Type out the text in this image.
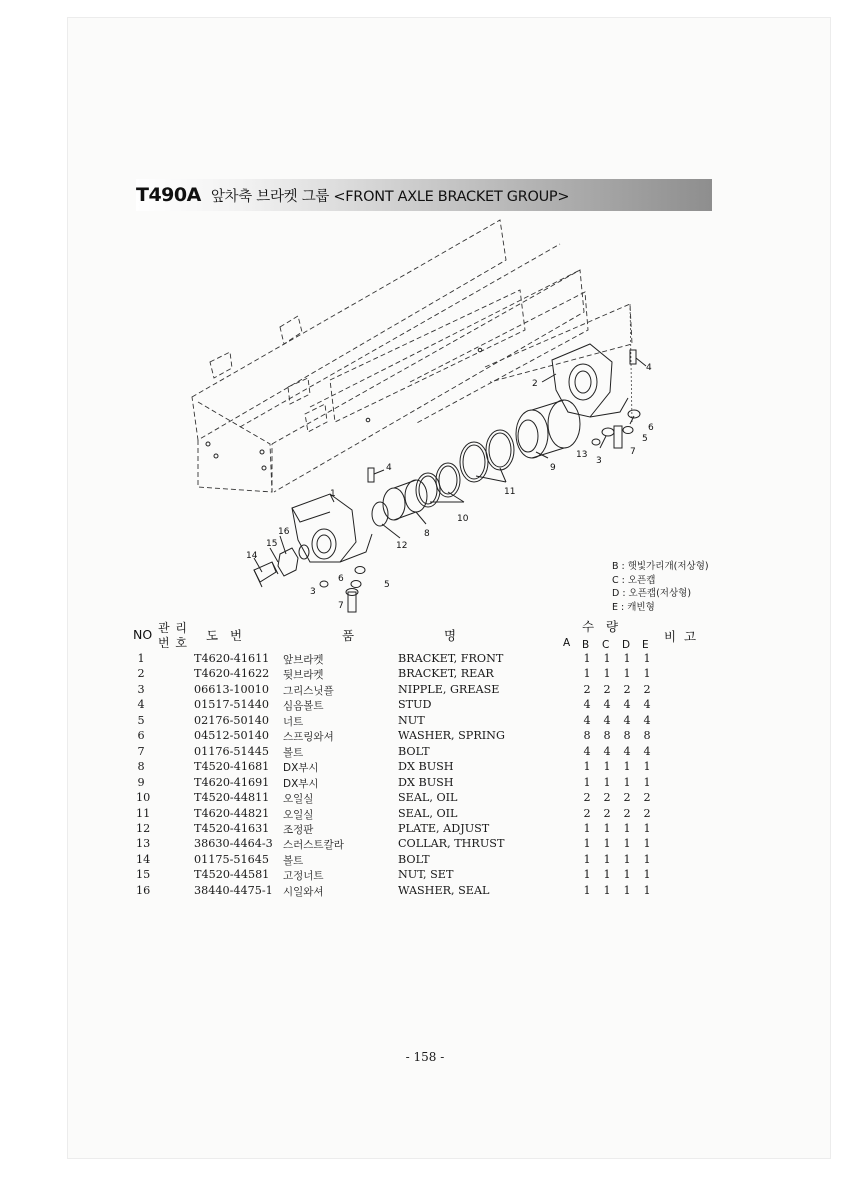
T490A 앞차축 브라켓 그룹 <FRONT AXLE BRACKET GROUP>
1
2
3
3
4
4
5
5
6
6
7
7
8
9
10
11
12
13
14
15
16
B : 햇빛가리개(저상형)
C : 오픈캡
D : 오픈캡(저상형)
E : 캐빈형
NO 관 리
번 호 도   번	품	명
수   량
A B C D E
비  고
1	T4620-41611 앞브라켓	BRACKET, FRONT	1 1 1 1
2	T4620-41622 뒷브라켓	BRACKET, REAR	1 1 1 1
3	06613-10010 그리스닛플	NIPPLE, GREASE	2 2 2 2
4	01517-51440 심음볼트	STUD	4 4 4 4
5	02176-50140 너트	NUT	4 4 4 4
6	04512-50140 스프링와셔	WASHER, SPRING	8 8 8 8
7	01176-51445 볼트	BOLT	4 4 4 4
8	T4520-41681 DX부시	DX BUSH	1 1 1 1
9	T4620-41691 DX부시	DX BUSH	1 1 1 1
10	T4520-44811 오일실	SEAL, OIL	2 2 2 2
11	T4620-44821 오일실	SEAL, OIL	2 2 2 2
12	T4520-41631 조정판	PLATE, ADJUST	1 1 1 1
13	38630-4464-3 스러스트칼라	COLLAR, THRUST	1 1 1 1
14	01175-51645 볼트	BOLT	1 1 1 1
15	T4520-44581 고정너트	NUT, SET	1 1 1 1
16	38440-4475-1 시일와셔	WASHER, SEAL	1 1 1 1
- 158 -
